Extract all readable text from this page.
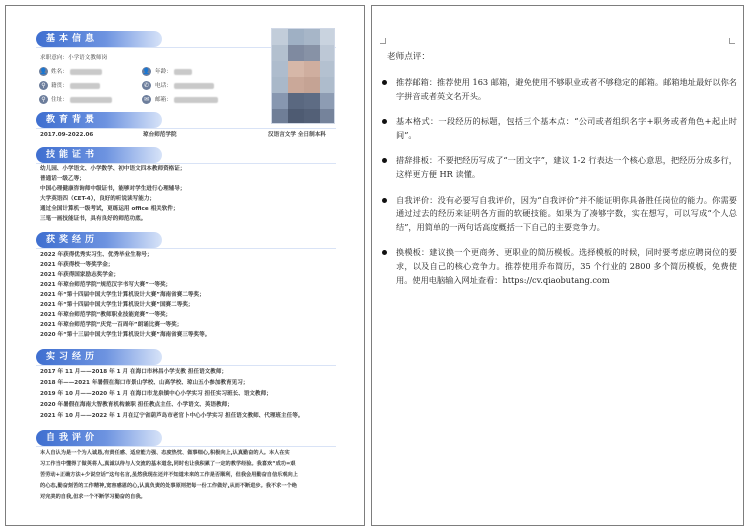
基本信息
求职意向：小学语文教师岗
👤 姓名：	👤 年龄：
⚲ 籍贯：	✆	电话：
⚲ 住址：	✉	邮箱：
教育背景
2017.09-2022.06	琼台师范学院	汉语言文学 全日制本科
技能证书
幼儿园、小学语文、小学数学、初中语文四本教师资格证；
普通话一级乙等；
中国心理健康咨询师中级证书，能够对学生进行心理辅导；
大学英语四（CET-4），良好的听说读写能力；
通过全国计算机一级考试，更练运用 office 相关软件；
三笔一画技能证书，具有良好的师范功底。
获奖经历
2022 年获得优秀实习生、优秀毕业生称号；
2021 年获得校一等奖学金；
2021 年获得国家励志奖学金；
2021 年琼台师范学院“规范汉字书写大赛”一等奖；
2021 年“第十四届中国大学生计算机设计大赛”海南省赛二等奖；
2021 年“第十四届中国大学生计算机设计大赛”国赛二等奖；
2021 年琼台师范学院“教师职业技能竞赛”一等奖；
2021 年琼台师范学院“庆党一百周年”朗诵比赛一等奖；
2020 年“第十三届中国大学生计算机设计大赛”海南省赛三等奖等。
实习经历
2017 年 11 月——2018 年 1 月 在海口市林昌小学支教 担任语文教师；
2018 年——2021 年暑假在海口市景山学校、山高学校、琼山五小参加教育见习；
2019 年 10 月——2020 年 1 月 在海口市龙泉镇中心小学实习 担任实习班长、语文教师；
2020 年暑假在海南大智教育机构兼职 担任教点主任、小学语文、英语教师；
2021 年 10 月——2022 年 1 月在辽宁省葫芦岛市老官卜中心小学实习 担任语文教师、代理班主任等。
自我评价
本人自认为是一个为人诚恳,有责任感、适应能力强、态度热忱、做事细心,积极向上,认真勤奋的人。本人在实
习工作当中懂得了做英将人,真诚以待与人交流的基本道念,同时也让我积累了一定的教学经验。我喜欢“成功=艰
苦劳动+正确方法+少说空话”这句名言,虽然我现在还并不知道未来的工作是否顺利，但我会用勤奋自信乐观向上
的心态,勤奋刻苦的工作精神,宽容感恩的心,认真负责的处事原则把每一份工作做好,从而不断进步。我不求一个绝
对完美的自我,但求一个不断学习勤奋的自我。
老师点评：
推荐邮箱：推荐使用 163 邮箱，避免使用不够职业或者不够稳定的邮箱。邮箱地址最好以你名字拼音或者英文名开头。
基本格式：一段经历的标题，包括三个基本点：“公司或者组织名字+职务或者角色+起止时间”。
措辞排板：不要把经历写成了“一团文字”，建议 1-2 行表达一个核心意思，把经历分成多行，这样更方便 HR 读懂。
自我评价：没有必要写自我评价，因为“自我评价”并不能证明你具备胜任岗位的能力。你需要通过过去的经历来证明各方面的软硬技能。如果为了凑够字数，实在想写，可以写成“个人总结”，用简单的一两句话高度概括一下自己的主要竞争力。
换模板：建议换一个更商务、更职业的简历模板。选择模板的时候，同时要考虑应聘岗位的要求，以及自己的核心竞争力。推荐使用乔布简历，35 个行业的 2800 多个简历模板，免费使用。使用电脑输入网址查看：https://cv.qiaobutang.com
